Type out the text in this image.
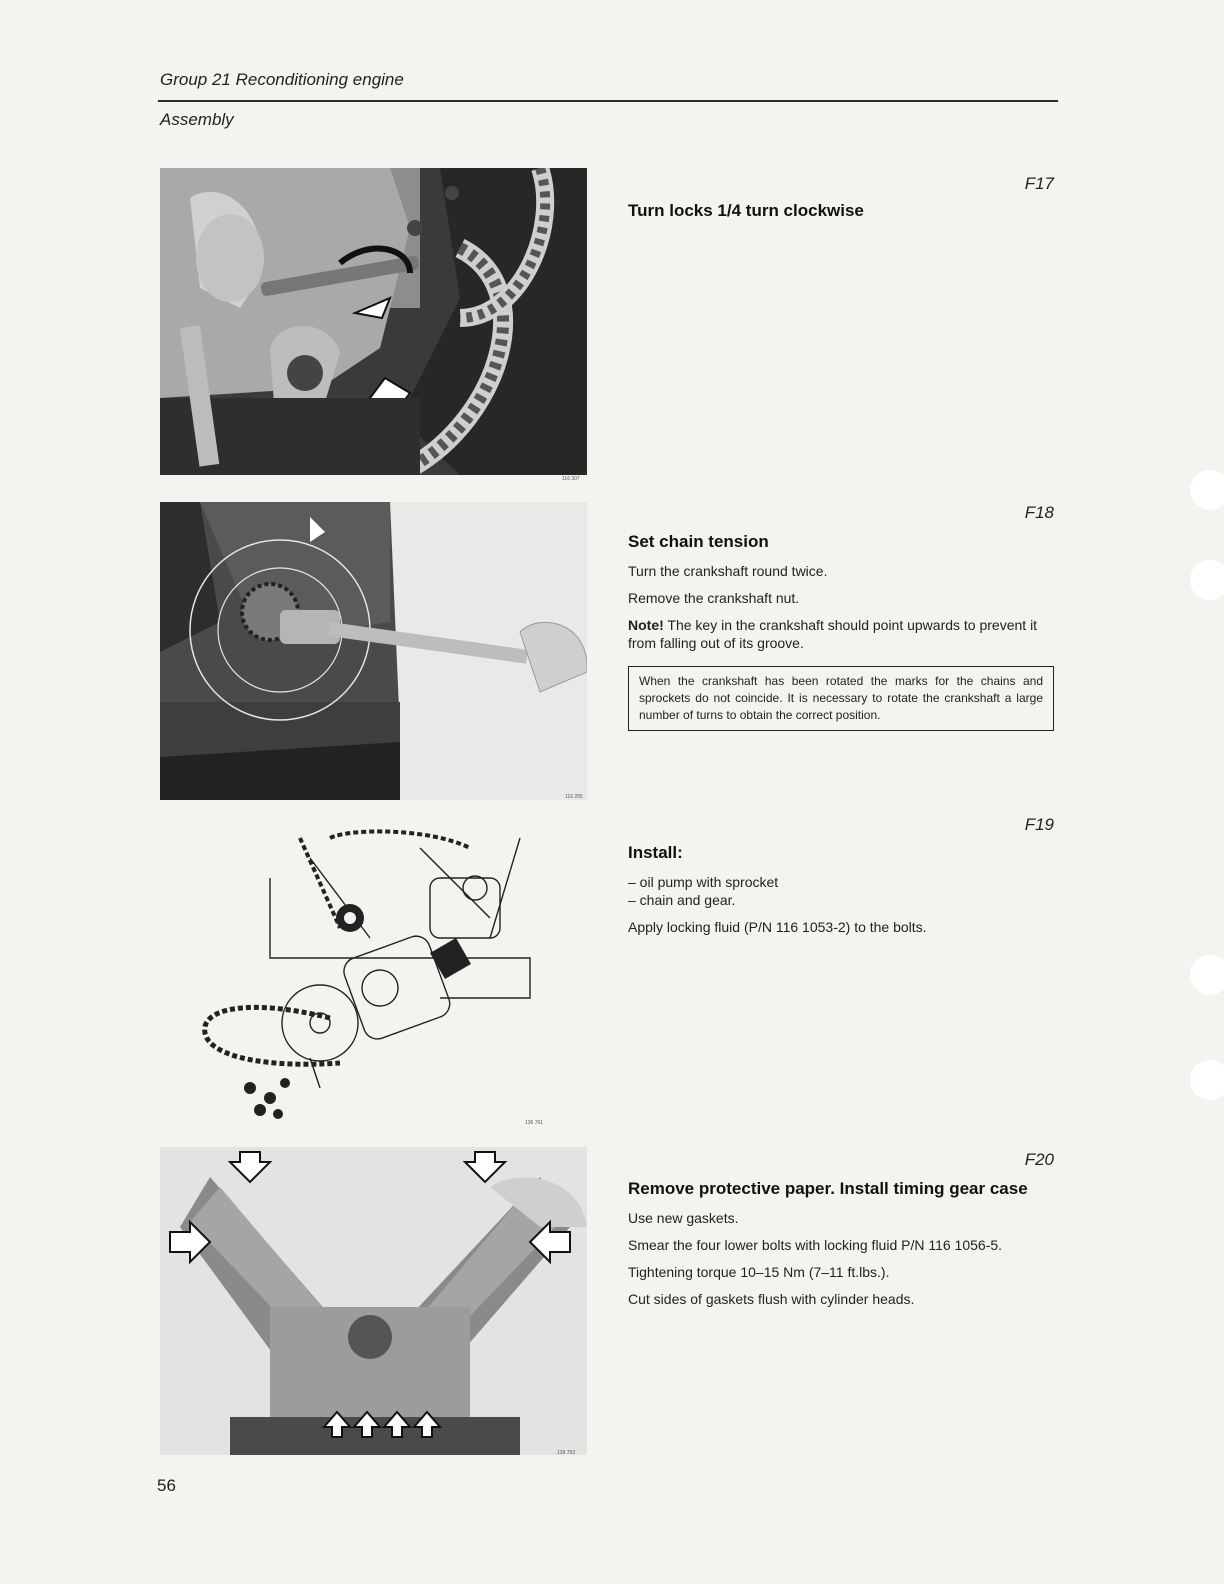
Group 21 Reconditioning engine
Assembly
116 307
F17
Turn locks 1/4 turn clockwise
116 205
F18
Set chain tension

Turn the crankshaft round twice.

Remove the crankshaft nut.

Note! The key in the crankshaft should point upwards to prevent it from falling out of its groove.

When the crankshaft has been rotated the marks for the chains and sprockets do not coincide. It is necessary to rotate the crankshaft a large number of turns to obtain the correct position.
136 761
F19
Install:
– oil pump with sprocket
– chain and gear.

Apply locking fluid (P/N 116 1053-2) to the bolts.

139 753
F20
Remove protective paper. Install timing gear case

Use new gaskets.

Smear the four lower bolts with locking fluid P/N 116 1056-5.

Tightening torque 10–15 Nm (7–11 ft.lbs.).

Cut sides of gaskets flush with cylinder heads.

56
